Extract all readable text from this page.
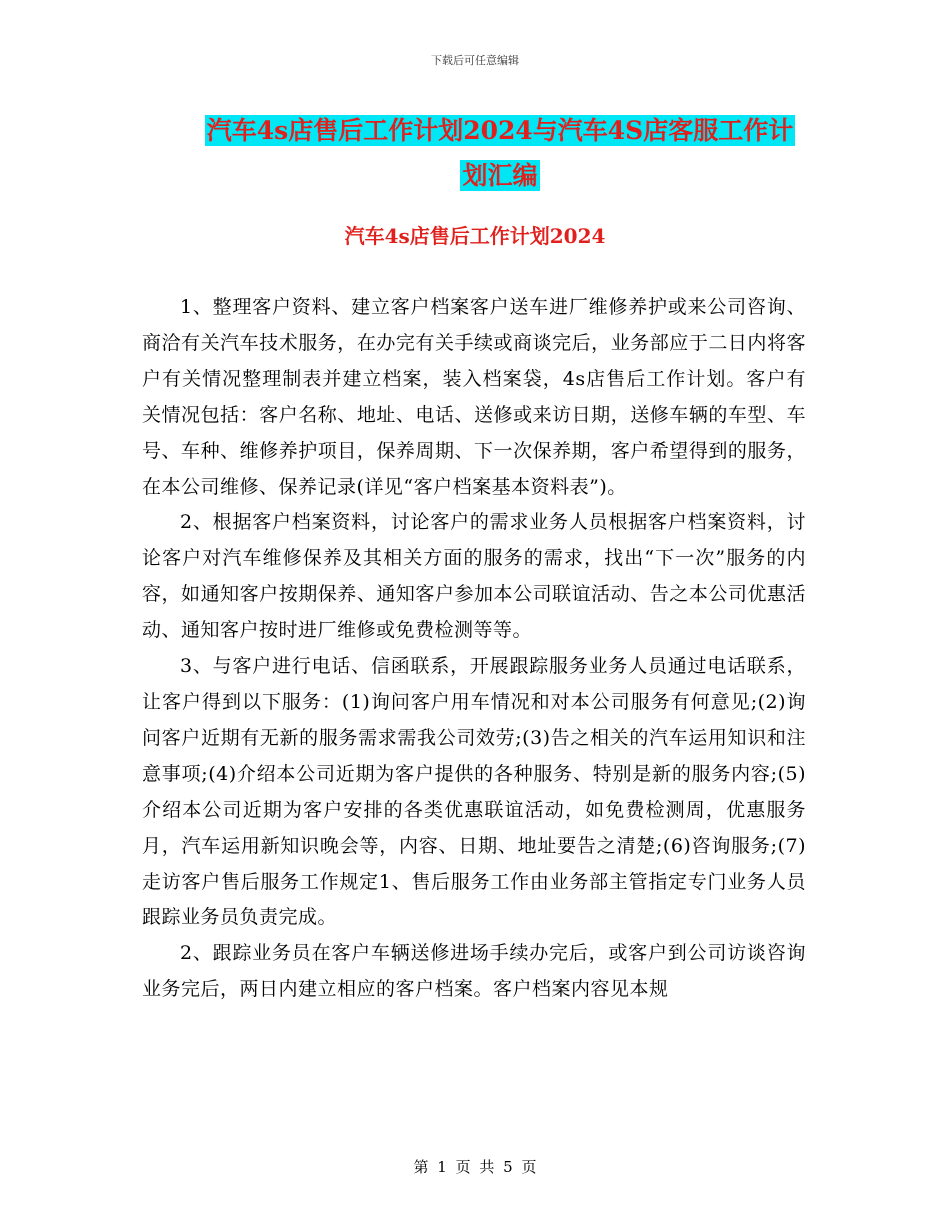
下载后可任意编辑
汽车4s店售后工作计划2024与汽车4S店客服工作计
划汇编
汽车4s店售后工作计划2024

1、整理客户资料、建立客户档案客户送车进厂维修养护或来公司咨询、商洽有关汽车技术服务，在办完有关手续或商谈完后，业务部应于二日内将客户有关情况整理制表并建立档案，装入档案袋，4s店售后工作计划。客户有关情况包括：客户名称、地址、电话、送修或来访日期，送修车辆的车型、车号、车种、维修养护项目，保养周期、下一次保养期，客户希望得到的服务，在本公司维修、保养记录(详见“客户档案基本资料表”)。

2、根据客户档案资料，讨论客户的需求业务人员根据客户档案资料，讨论客户对汽车维修保养及其相关方面的服务的需求，找出“下一次”服务的内容，如通知客户按期保养、通知客户参加本公司联谊活动、告之本公司优惠活动、通知客户按时进厂维修或免费检测等等。

3、与客户进行电话、信函联系，开展跟踪服务业务人员通过电话联系，让客户得到以下服务：(1)询问客户用车情况和对本公司服务有何意见;(2)询问客户近期有无新的服务需求需我公司效劳;(3)告之相关的汽车运用知识和注意事项;(4)介绍本公司近期为客户提供的各种服务、特别是新的服务内容;(5)介绍本公司近期为客户安排的各类优惠联谊活动，如免费检测周，优惠服务月，汽车运用新知识晚会等，内容、日期、地址要告之清楚;(6)咨询服务;(7)走访客户售后服务工作规定1、售后服务工作由业务部主管指定专门业务人员跟踪业务员负责完成。

2、跟踪业务员在客户车辆送修进场手续办完后，或客户到公司访谈咨询业务完后，两日内建立相应的客户档案。客户档案内容见本规

第 1 页 共 5 页
